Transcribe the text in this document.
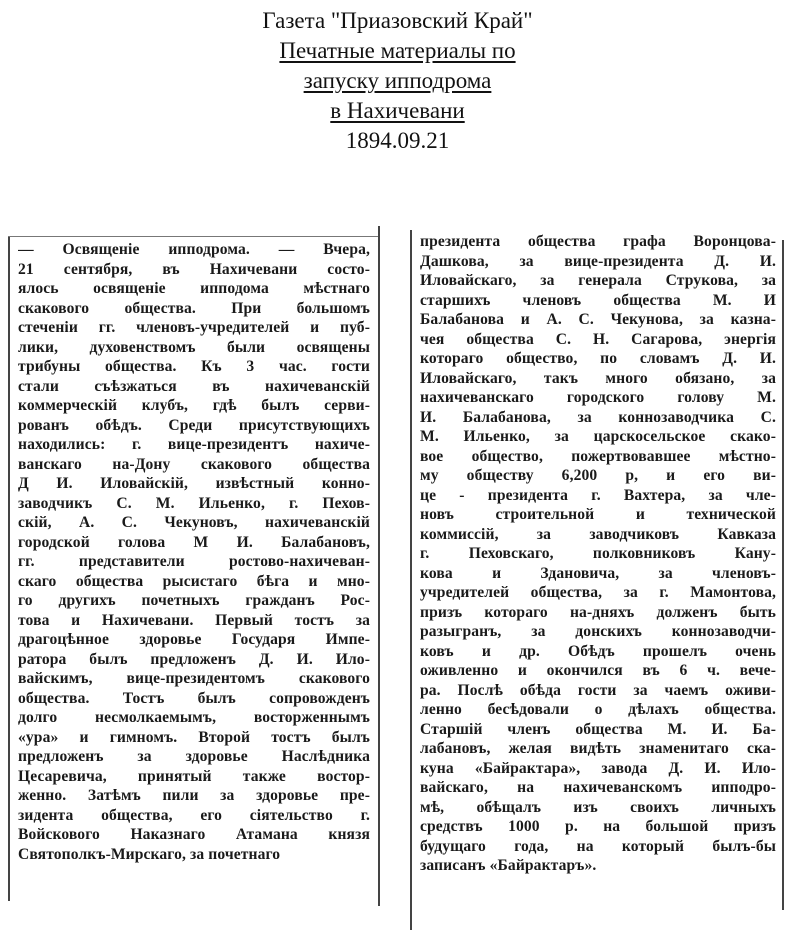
Газета "Приазовский Край"
Печатные материалы по
запуску ипподрома
в Нахичевани
1894.09.21
— Освященіе ипподрома. — Вчера,
21 сентября, въ Нахичевани состо-
ялось освященіе ипподома мѣстнаго
скакового общества. При большомъ
стеченіи гг. членовъ-учредителей и пуб-
лики, духовенствомъ были освящены
трибуны общества. Къ 3 час. гости
стали съѣзжаться въ нахичеванскій
коммерческій клубъ, гдѣ былъ серви-
рованъ обѣдъ. Среди присутствующихъ
находились: г. вице-президентъ нахиче-
ванскаго на-Дону скакового общества
Д И. Иловайскій, извѣстный конно-
заводчикъ С. М. Ильенко, г. Пехов-
скій, А. С. Чекуновъ, нахичеванскій
городской голова М И. Балабановъ,
гг. представители ростово-нахичеван-
скаго общества рысистаго бѣга и мно-
го другихъ почетныхъ гражданъ Рос-
това и Нахичевани. Первый тостъ за
драгоцѣнное здоровье Государя Импе-
ратора былъ предложенъ Д. И. Ило-
вайскимъ, вице-президентомъ скакового
общества. Тостъ былъ сопровожденъ
долго несмолкаемымъ, восторженнымъ
«ура» и гимномъ. Второй тостъ былъ
предложенъ за здоровье Наслѣдника
Цесаревича, принятый также востор-
женно. Затѣмъ пили за здоровье пре-
зидента общества, его сіятельство г.
Войскового Наказнаго Атамана князя
Святополкъ-Мирскаго, за почетнаго
президента общества графа Воронцова-
Дашкова, за вице-президента Д. И.
Иловайскаго, за генерала Струкова, за
старшихъ членовъ общества М. И
Балабанова и А. С. Чекунова, за казна-
чея общества С. Н. Сагарова, энергія
котораго общество, по словамъ Д. И.
Иловайскаго, такъ много обязано, за
нахичеванскаго городского голову М.
И. Балабанова, за коннозаводчика С.
М. Ильенко, за царскосельское скако-
вое общество, пожертвовавшее мѣстно-
му обществу 6,200 р, и его ви-
це - президента г. Вахтера, за чле-
новъ строительной и технической
коммиссій, за заводчиковъ Кавказа
г. Пеховскаго, полковниковъ Кану-
кова и Здановича, за членовъ-
учредителей общества, за г. Мамонтова,
призъ котораго на-дняхъ долженъ быть
разыгранъ, за донскихъ коннозаводчи-
ковъ и др. Обѣдъ прошелъ очень
оживленно и окончился въ 6 ч. вече-
ра. Послѣ обѣда гости за чаемъ оживи-
ленно бесѣдовали о дѣлахъ общества.
Старшій членъ общества М. И. Ба-
лабановъ, желая видѣть знаменитаго ска-
куна «Байрактара», завода Д. И. Ило-
вайскаго, на нахичеванскомъ ипподро-
мѣ, обѣщалъ изъ своихъ личныхъ
средствъ 1000 р. на большой призъ
будущаго года, на который былъ-бы
записанъ «Байрактаръ».
